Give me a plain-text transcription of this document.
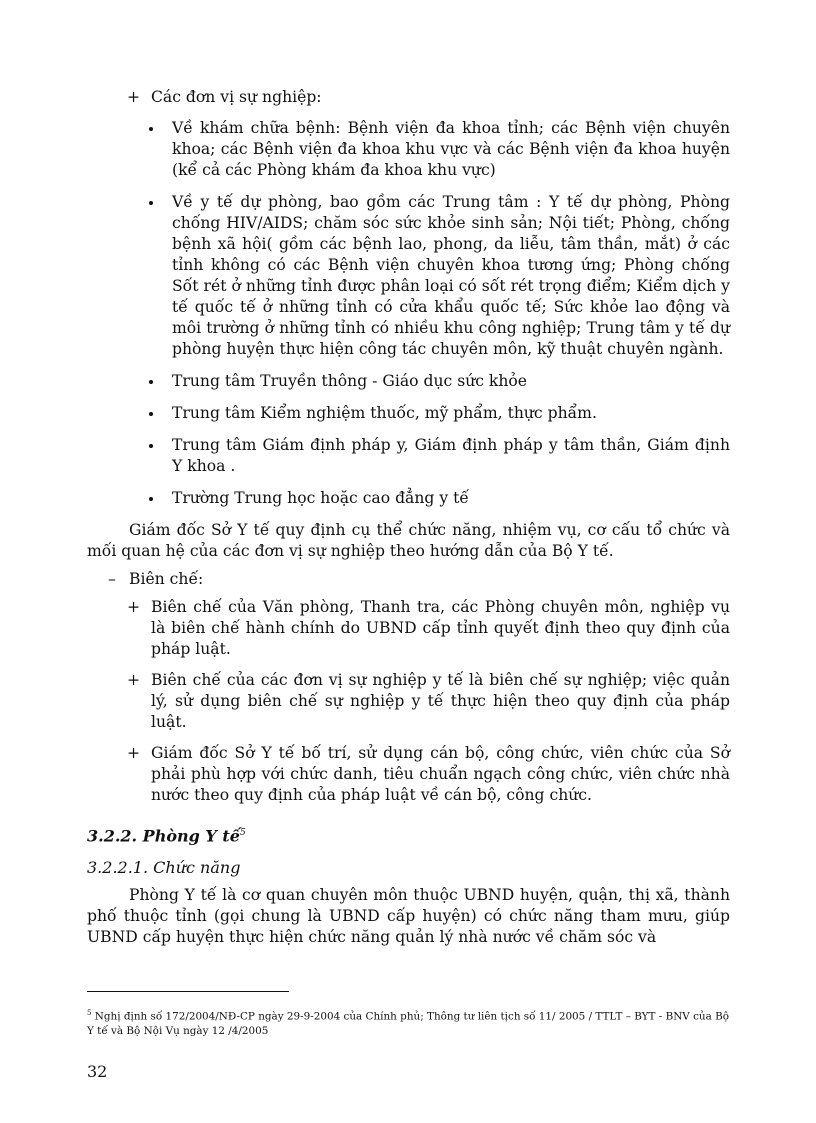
+ Các đơn vị sự nghiệp:
Về khám chữa bệnh: Bệnh viện đa khoa tỉnh; các Bệnh viện chuyên khoa; các Bệnh viện đa khoa khu vực và các Bệnh viện đa khoa huyện (kể cả các Phòng khám đa khoa khu vực)
Về y tế dự phòng, bao gồm các Trung tâm : Y tế dự phòng, Phòng chống HIV/AIDS; chăm sóc sức khỏe sinh sản; Nội tiết; Phòng, chống bệnh xã hội( gồm các bệnh lao, phong, da liễu, tâm thần, mắt) ở các tỉnh không có các Bệnh viện chuyên khoa tương ứng; Phòng chống Sốt rét ở những tỉnh được phân loại có sốt rét trọng điểm; Kiểm dịch y tế quốc tế ở những tỉnh có cửa khẩu quốc tế; Sức khỏe lao động và môi trường ở những tỉnh có nhiều khu công nghiệp; Trung tâm y tế dự phòng huyện thực hiện công tác chuyên môn, kỹ thuật chuyên ngành.
Trung tâm Truyền thông - Giáo dục sức khỏe
Trung tâm Kiểm nghiệm thuốc, mỹ phẩm, thực phẩm.
Trung tâm Giám định pháp y, Giám định pháp y tâm thần, Giám định Y khoa .
Trường Trung học hoặc cao đẳng y tế

Giám đốc Sở Y tế quy định cụ thể chức năng, nhiệm vụ, cơ cấu tổ chức và mối quan hệ của các đơn vị sự nghiệp theo hướng dẫn của Bộ Y tế.

– Biên chế:
+ Biên chế của Văn phòng, Thanh tra, các Phòng chuyên môn, nghiệp vụ là biên chế hành chính do UBND cấp tỉnh quyết định theo quy định của pháp luật.
+ Biên chế của các đơn vị sự nghiệp y tế là biên chế sự nghiệp; việc quản lý, sử dụng biên chế sự nghiệp y tế thực hiện theo quy định của pháp luật.
+ Giám đốc Sở Y tế bố trí, sử dụng cán bộ, công chức, viên chức của Sở phải phù hợp với chức danh, tiêu chuẩn ngạch công chức, viên chức nhà nước theo quy định của pháp luật về cán bộ, công chức.
3.2.2. Phòng Y tế$^5$
3.2.2.1. Chức năng

Phòng Y tế là cơ quan chuyên môn thuộc UBND huyện, quận, thị xã, thành phố thuộc tỉnh (gọi chung là UBND cấp huyện) có chức năng tham mưu, giúp UBND cấp huyện thực hiện chức năng quản lý nhà nước về chăm sóc và

$^5$ Nghị định số 172/2004/NĐ-CP ngày 29-9-2004 của Chính phủ; Thông tư liên tịch số 11/ 2005 / TTLT – BYT - BNV của Bộ Y tế và Bộ Nội Vụ ngày 12 /4/2005
32
